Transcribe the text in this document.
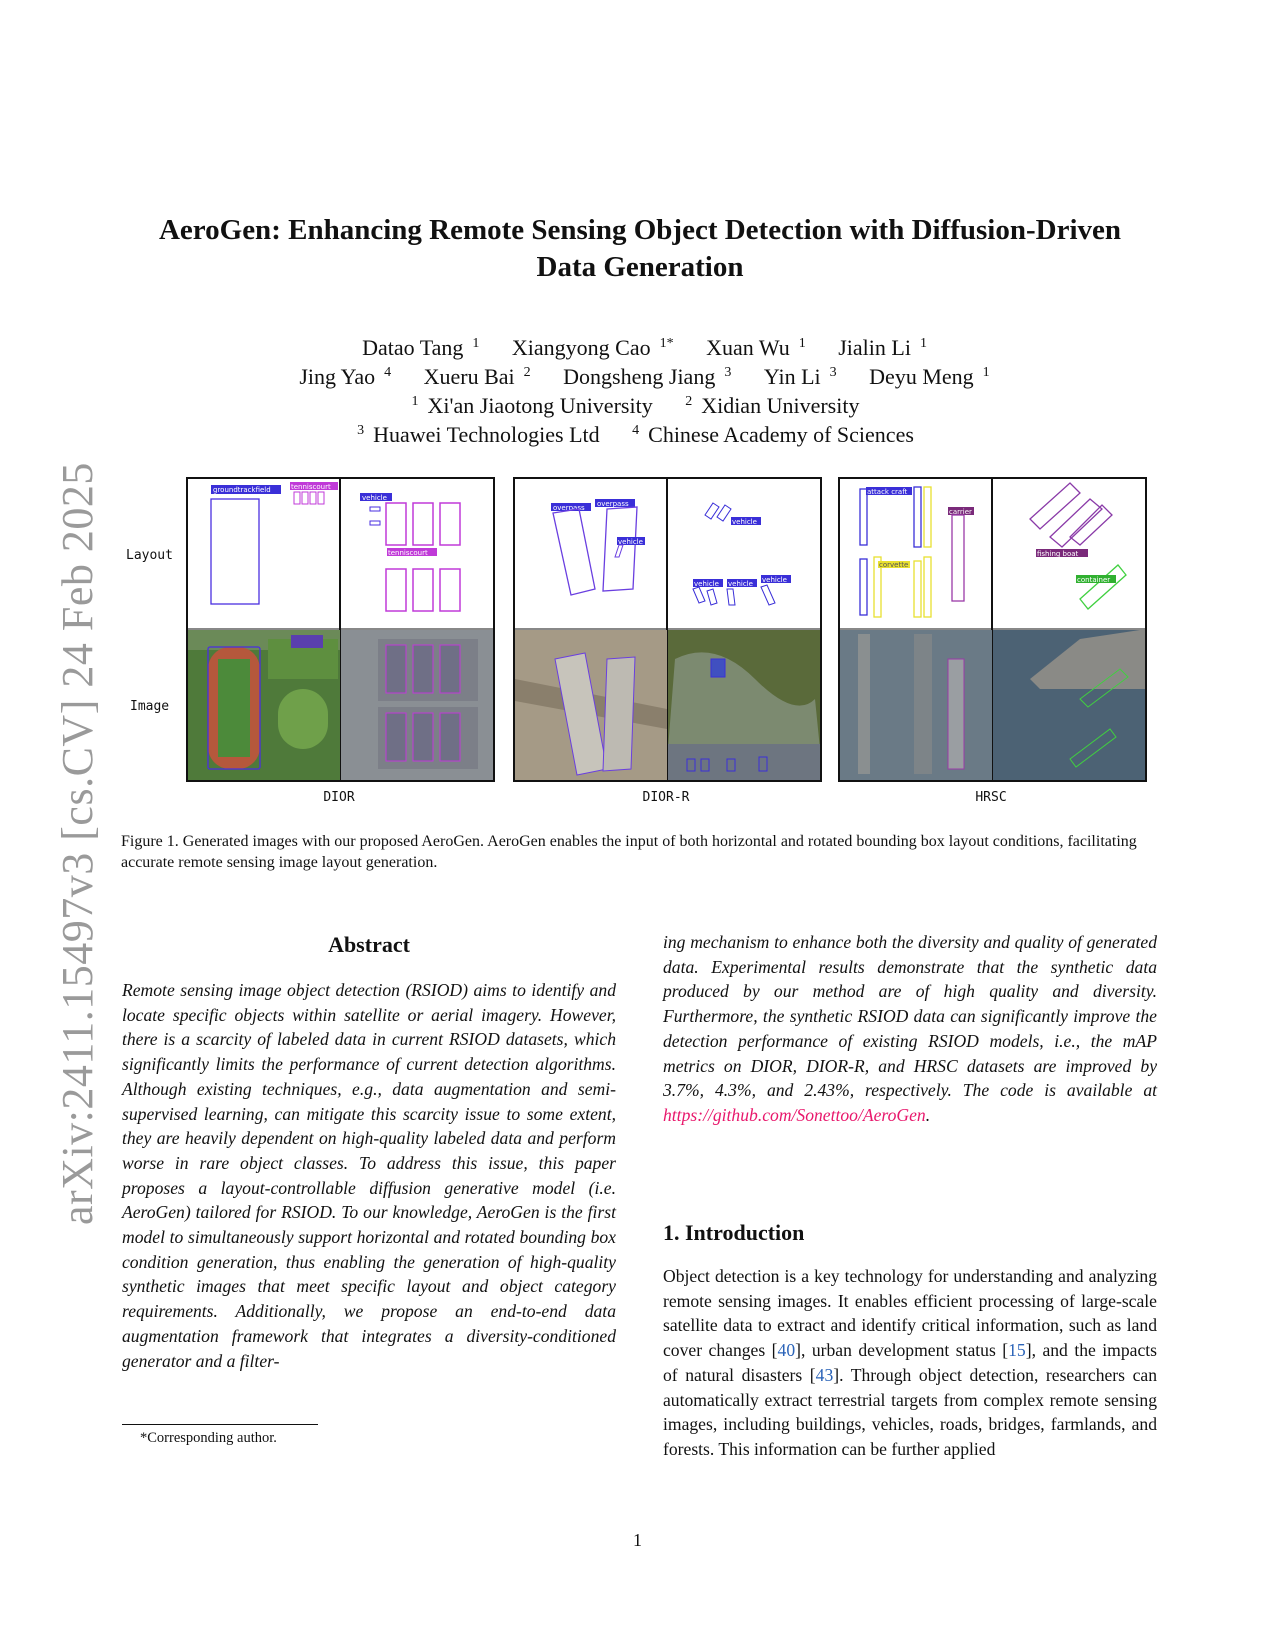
arXiv:2411.15497v3 [cs.CV] 24 Feb 2025
AeroGen: Enhancing Remote Sensing Object Detection with Diffusion-Driven
Data Generation
Datao Tang $^1$ Xiangyong Cao $^{1*}$ Xuan Wu $^1$ Jialin Li $^1$
Jing Yao $^4$ Xueru Bai $^2$ Dongsheng Jiang $^3$ Yin Li $^3$ Deyu Meng $^1$
$^1$ Xi'an Jiaotong University $^2$ Xidian University
$^3$ Huawei Technologies Ltd $^4$ Chinese Academy of Sciences
Layout
Image
groundtrackfield	tenniscourt
vehicle
tenniscourt
DIOR
overpass overpass
vehicle
vehicle
vehicle vehicle vehicle
DIOR-R
attack craft
corvette
carrier
fishing boat
container
HRSC
Figure 1. Generated images with our proposed AeroGen. AeroGen enables the input of both horizontal and rotated bounding box layout conditions, facilitating accurate remote sensing image layout generation.
Abstract
Remote sensing image object detection (RSIOD) aims to identify and locate specific objects within satellite or aerial imagery. However, there is a scarcity of labeled data in current RSIOD datasets, which significantly limits the performance of current detection algorithms. Although existing techniques, e.g., data augmentation and semi-supervised learning, can mitigate this scarcity issue to some extent, they are heavily dependent on high-quality labeled data and perform worse in rare object classes. To address this issue, this paper proposes a layout-controllable diffusion generative model (i.e. AeroGen) tailored for RSIOD. To our knowledge, AeroGen is the first model to simultaneously support horizontal and rotated bounding box condition generation, thus enabling the generation of high-quality synthetic images that meet specific layout and object category requirements. Additionally, we propose an end-to-end data augmentation framework that integrates a diversity-conditioned generator and a filter-
ing mechanism to enhance both the diversity and quality of generated data. Experimental results demonstrate that the synthetic data produced by our method are of high quality and diversity. Furthermore, the synthetic RSIOD data can significantly improve the detection performance of existing RSIOD models, i.e., the mAP metrics on DIOR, DIOR-R, and HRSC datasets are improved by 3.7%, 4.3%, and 2.43%, respectively. The code is available at https://github.com/Sonettoo/AeroGen.
1. Introduction
Object detection is a key technology for understanding and analyzing remote sensing images. It enables efficient processing of large-scale satellite data to extract and identify critical information, such as land cover changes [40], urban development status [15], and the impacts of natural disasters [43]. Through object detection, researchers can automatically extract terrestrial targets from complex remote sensing images, including buildings, vehicles, roads, bridges, farmlands, and forests. This information can be further applied
*Corresponding author.
1
